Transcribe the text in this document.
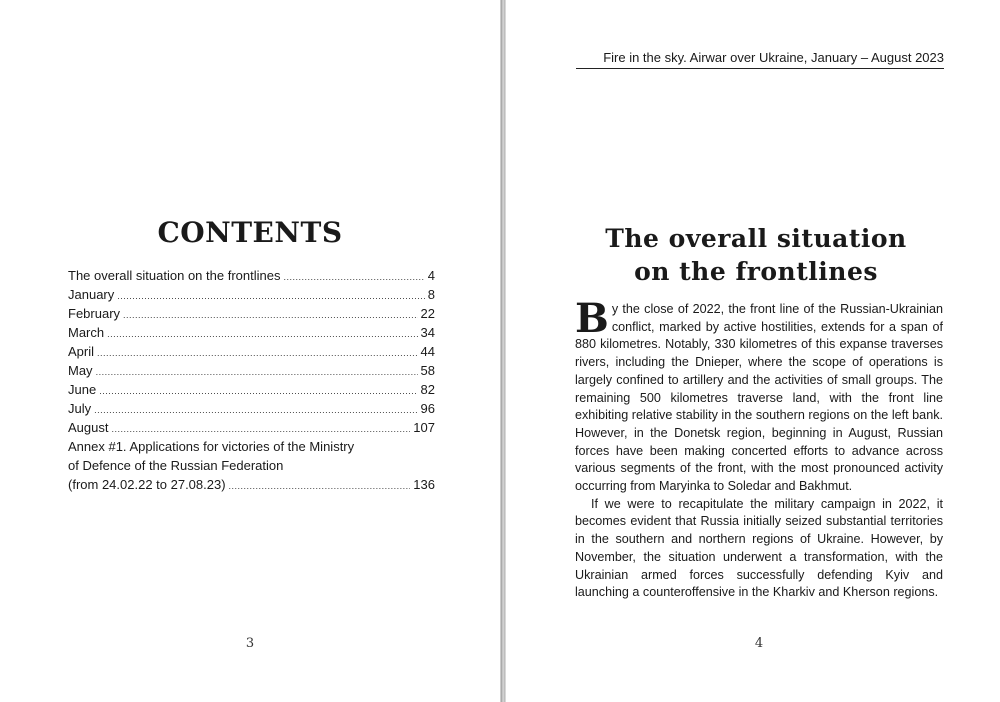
CONTENTS
The overall situation on the frontlines .....	4
January .....	8
February .....	22
March .....	34
April .....	44
May .....	58
June .....	82
July .....	96
August .....	107
Annex #1. Applications for victories of the Ministry
of Defence of the Russian Federation
(from 24.02.22 to 27.08.23) .....	136
3
Fire in the sky. Airwar over Ukraine, January – August 2023
The overall situation
on the frontlines

By the close of 2022, the front line of the Russian-Ukrainian conflict, marked by active hostilities, extends for a span of 880 kilometres. Notably, 330 kilometres of this expanse traverses rivers, including the Dnieper, where the scope of operations is largely confined to artillery and the activities of small groups. The remaining 500 kilometres traverse land, with the front line exhibiting relative stability in the southern regions on the left bank. However, in the Donetsk region, beginning in August, Russian forces have been making concerted efforts to advance across various segments of the front, with the most pronounced activity occurring from Maryinka to Soledar and Bakhmut.

If we were to recapitulate the military campaign in 2022, it becomes evident that Russia initially seized substantial territories in the southern and northern regions of Ukraine. However, by November, the situation underwent a transformation, with the Ukrainian armed forces successfully defending Kyiv and launching a counteroffensive in the Kharkiv and Kherson regions.

4
